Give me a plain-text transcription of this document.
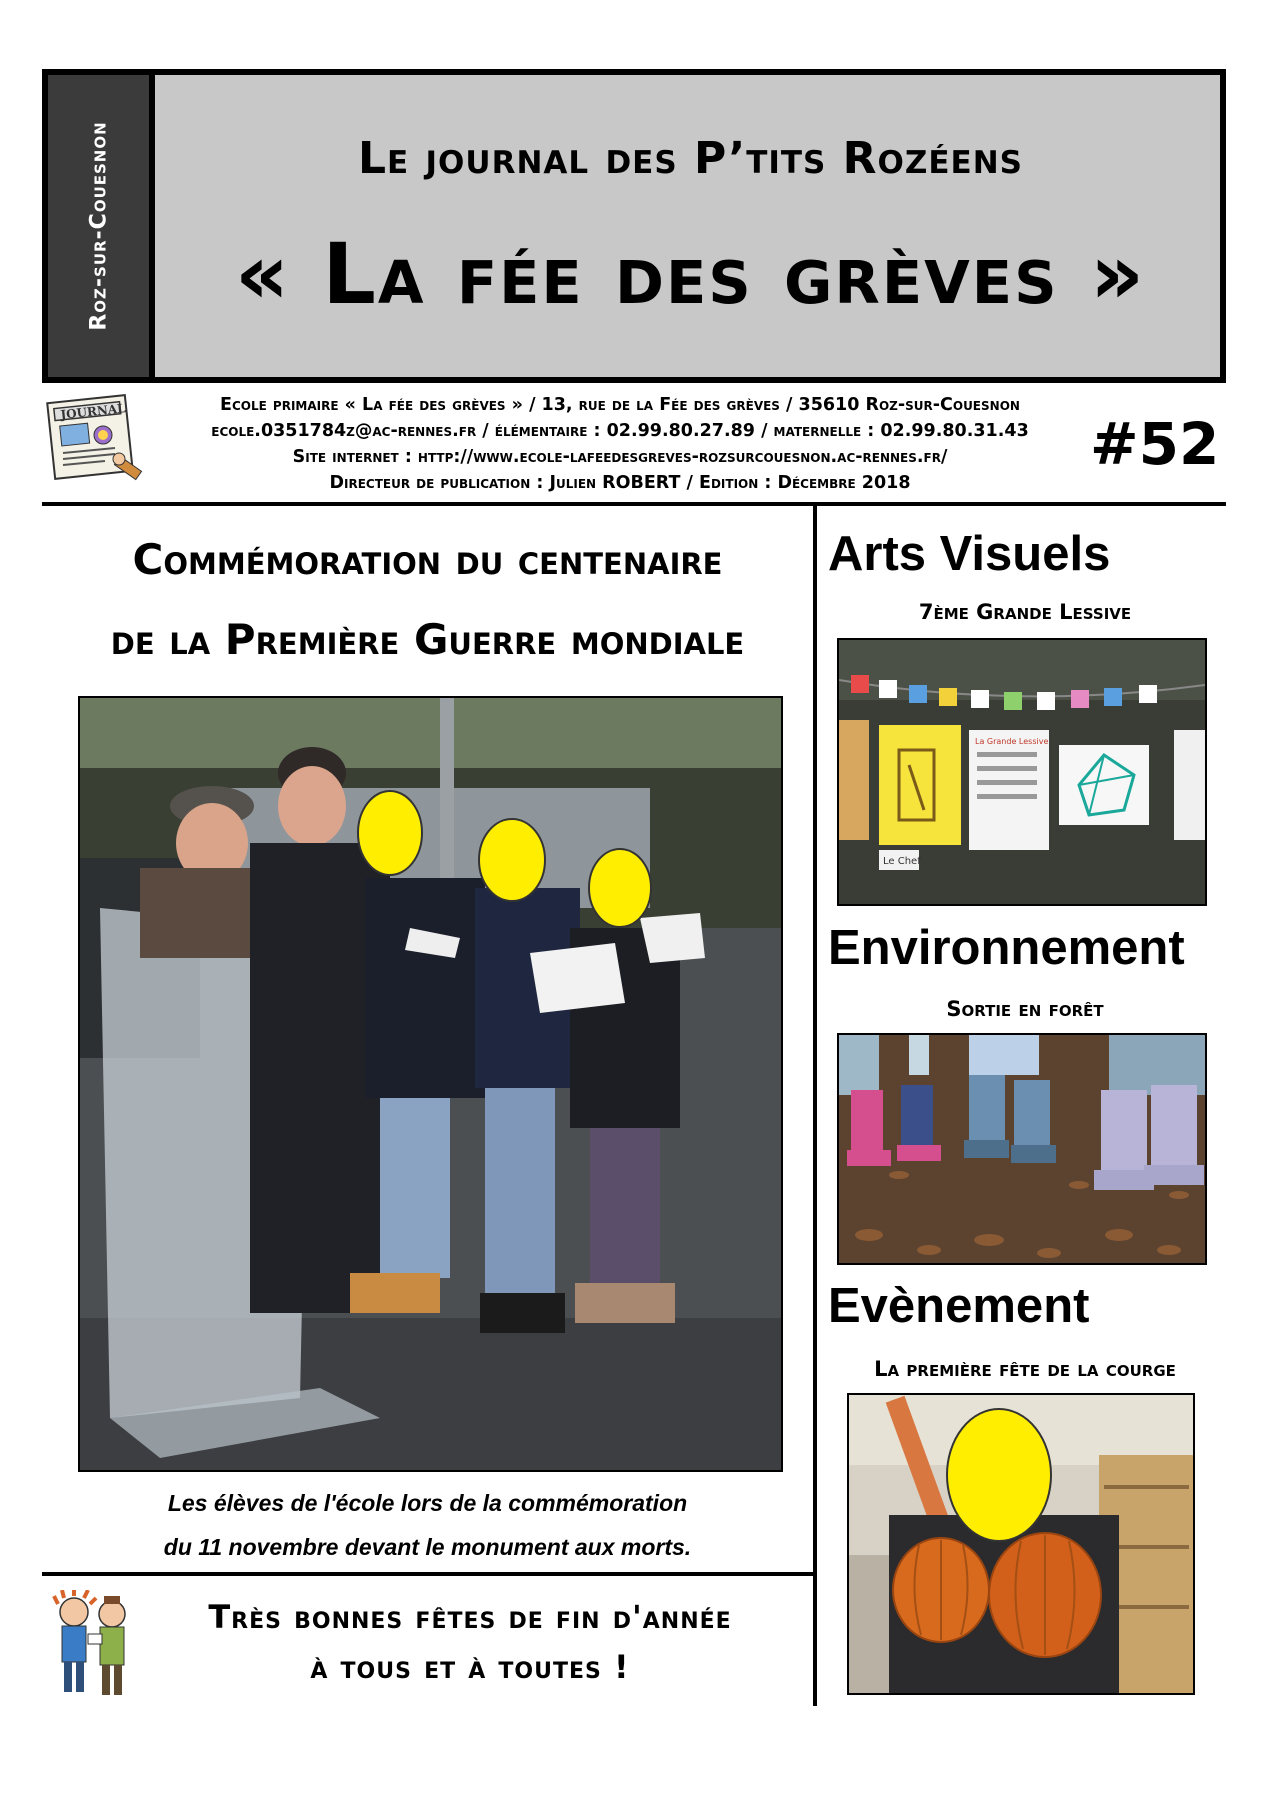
Roz-sur-Couesnon	Le journal des P’tits Rozéens
« La fée des grèves »
JOURNAL	Ecole primaire « La fée des grèves » / 13, rue de la Fée des grèves / 35610 Roz-sur-Couesnon
ecole.0351784z@ac-rennes.fr / élémentaire : 02.99.80.27.89 / maternelle : 02.99.80.31.43
Site internet : http://www.ecole-lafeedesgreves-rozsurcouesnon.ac-rennes.fr/
Directeur de publication : Julien ROBERT / Edition : Décembre 2018
#52
Commémoration du centenaire
de la Première Guerre mondiale
Les élèves de l'école lors de la commémoration
du 11 novembre devant le monument aux morts.
Très bonnes fêtes de fin d'année
à tous et à toutes !
Arts Visuels
7ème Grande Lessive
La Grande Lessive
Le Chef
Environnement
Sortie en forêt
Evènement
La première fête de la courge
